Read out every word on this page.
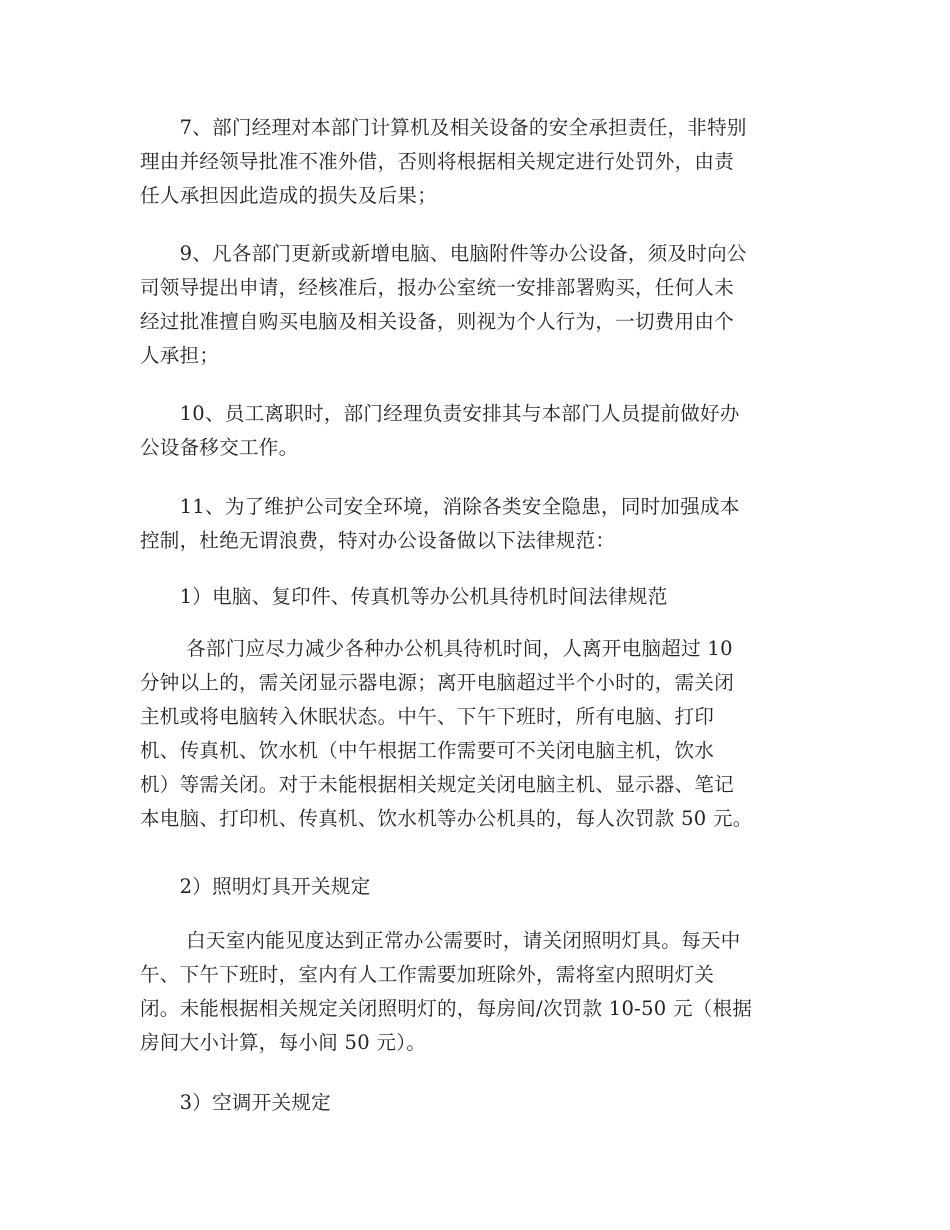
　　7、部门经理对本部门计算机及相关设备的安全承担责任，非特别
理由并经领导批准不准外借，否则将根据相关规定进行处罚外，由责
任人承担因此造成的损失及后果；
　　9、凡各部门更新或新增电脑、电脑附件等办公设备，须及时向公
司领导提出申请，经核准后，报办公室统一安排部署购买，任何人未
经过批准擅自购买电脑及相关设备，则视为个人行为，一切费用由个
人承担；
　　10、员工离职时，部门经理负责安排其与本部门人员提前做好办
公设备移交工作。
　　11、为了维护公司安全环境，消除各类安全隐患，同时加强成本
控制，杜绝无谓浪费，特对办公设备做以下法律规范：
　　1）电脑、复印件、传真机等办公机具待机时间法律规范
　　 各部门应尽力减少各种办公机具待机时间，人离开电脑超过 10
分钟以上的，需关闭显示器电源；离开电脑超过半个小时的，需关闭
主机或将电脑转入休眠状态。中午、下午下班时，所有电脑、打印
机、传真机、饮水机（中午根据工作需要可不关闭电脑主机，饮水
机）等需关闭。对于未能根据相关规定关闭电脑主机、显示器、笔记
本电脑、打印机、传真机、饮水机等办公机具的，每人次罚款 50 元。
　　2）照明灯具开关规定
　　 白天室内能见度达到正常办公需要时，请关闭照明灯具。每天中
午、下午下班时，室内有人工作需要加班除外，需将室内照明灯关
闭。未能根据相关规定关闭照明灯的，每房间/次罚款 10-50 元（根据
房间大小计算，每小间 50 元）。
　　3）空调开关规定
